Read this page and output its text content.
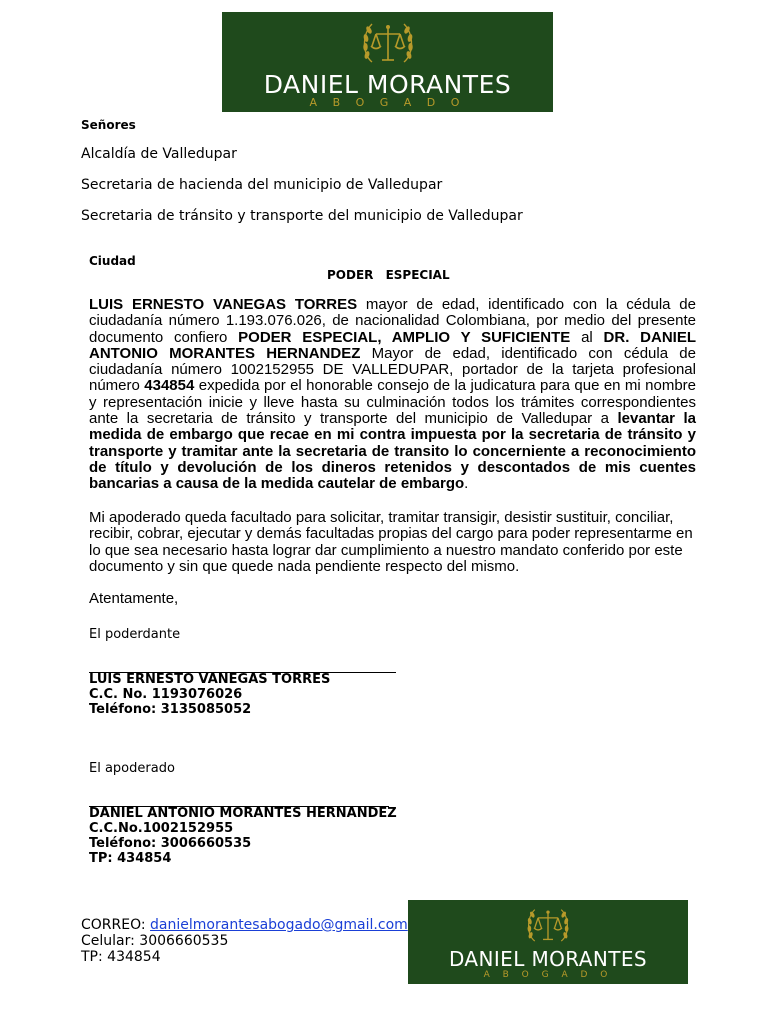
DANIEL MORANTES
A B O G A D O
Señores
Alcaldía de Valledupar
Secretaria de hacienda del municipio de Valledupar
Secretaria de tránsito y transporte del municipio de Valledupar
Ciudad
PODER ESPECIAL
LUIS ERNESTO VANEGAS TORRES mayor de edad, identificado con la cédula de ciudadanía número 1.193.076.026, de nacionalidad Colombiana, por medio del presente documento confiero PODER ESPECIAL, AMPLIO Y SUFICIENTE al DR. DANIEL ANTONIO MORANTES HERNANDEZ Mayor de edad, identificado con cédula de ciudadanía número 1002152955 DE VALLEDUPAR, portador de la tarjeta profesional número 434854 expedida por el honorable consejo de la judicatura para que en mi nombre y representación inicie y lleve hasta su culminación todos los trámites correspondientes ante la secretaria de tránsito y transporte del municipio de Valledupar a levantar la medida de embargo que recae en mi contra impuesta por la secretaria de tránsito y transporte y tramitar ante la secretaria de transito lo concerniente a reconocimiento de título y devolución de los dineros retenidos y descontados de mis cuentes bancarias a causa de la medida cautelar de embargo.
Mi apoderado queda facultado para solicitar, tramitar transigir, desistir sustituir, conciliar, recibir, cobrar, ejecutar y demás facultadas propias del cargo para poder representarme en lo que sea necesario hasta lograr dar cumplimiento a nuestro mandato conferido por este documento y sin que quede nada pendiente respecto del mismo.
Atentamente,
El poderdante
LUIS ERNESTO VANEGAS TORRES
C.C. No. 1193076026
Teléfono: 3135085052
El apoderado
DANIEL ANTONIO MORANTES HERNANDEZ
C.C.No.1002152955
Teléfono: 3006660535
TP: 434854
CORREO: danielmorantesabogado@gmail.com
Celular: 3006660535
TP: 434854	DANIEL MORANTES
A B O G A D O
